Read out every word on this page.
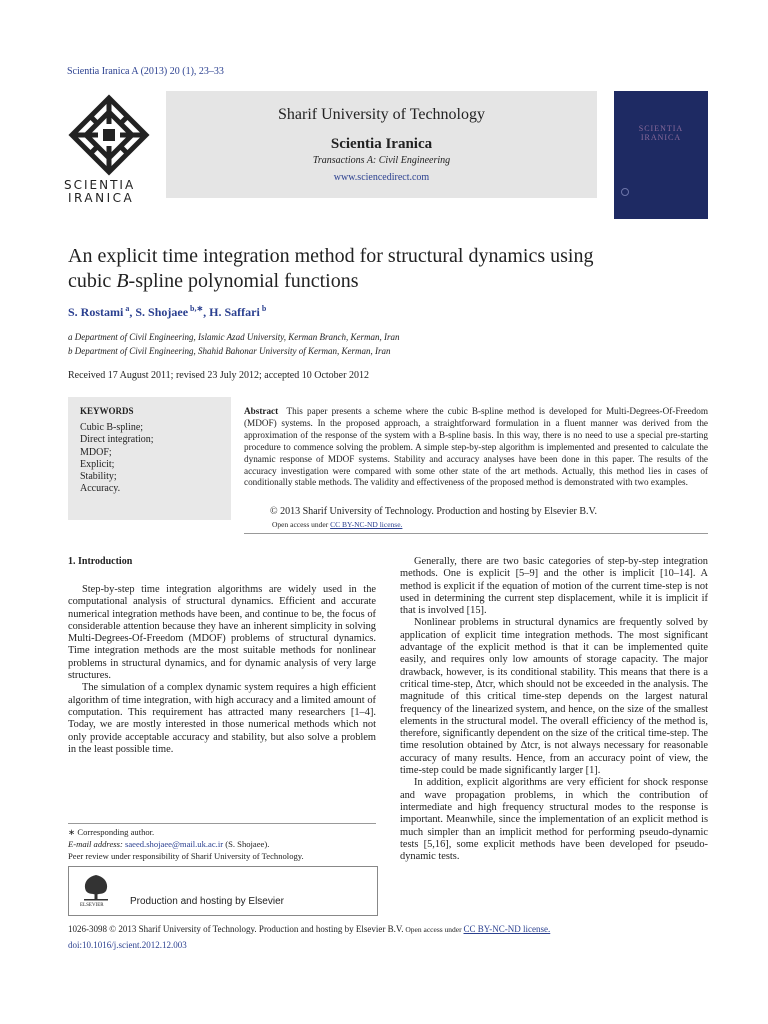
Scientia Iranica A (2013) 20 (1), 23–33
SCIENTIA
IRANICA
Sharif University of Technology
Scientia Iranica
Transactions A: Civil Engineering
www.sciencedirect.com
SCIENTIA
IRANICA
An explicit time integration method for structural dynamics using
cubic B-spline polynomial functions
S. Rostami $^a$, S. Shojaee $^{b,∗}$, H. Saffari $^b$
a Department of Civil Engineering, Islamic Azad University, Kerman Branch, Kerman, Iran
b Department of Civil Engineering, Shahid Bahonar University of Kerman, Kerman, Iran
Received 17 August 2011; revised 23 July 2012; accepted 10 October 2012
KEYWORDS
Cubic B-spline;
Direct integration;
MDOF;
Explicit;
Stability;
Accuracy.
Abstract This paper presents a scheme where the cubic B-spline method is developed for Multi-Degrees-Of-Freedom (MDOF) systems. In the proposed approach, a straightforward formulation in a fluent manner was derived from the approximation of the response of the system with a B-spline basis. In this way, there is no need to use a special pre-starting procedure to commence solving the problem. A simple step-by-step algorithm is implemented and presented to calculate the dynamic response of MDOF systems. Stability and accuracy analyses have been done in this paper. The results of the accuracy investigation were compared with some other state of the art methods. Actually, this method lies in cases of conditionally stable methods. The validity and effectiveness of the proposed method is demonstrated with two examples.
© 2013 Sharif University of Technology. Production and hosting by Elsevier B.V.
Open access under CC BY-NC-ND license.
1. Introduction

Step-by-step time integration algorithms are widely used in the computational analysis of structural dynamics. Efficient and accurate numerical integration methods have been, and continue to be, the focus of considerable attention because they have an inherent simplicity in solving Multi-Degrees-Of-Freedom (MDOF) problems of structural dynamics. Time integration methods are the most suitable methods for nonlinear problems in structural dynamics, and for dynamic analysis of very large structures.

The simulation of a complex dynamic system requires a high efficient algorithm of time integration, with high accuracy and a limited amount of computation. This requirement has attracted many researchers [1–4]. Today, we are mostly interested in those numerical methods which not only provide acceptable accuracy and stability, but also solve a problem in the least possible time.

Generally, there are two basic categories of step-by-step integration methods. One is explicit [5–9] and the other is implicit [10–14]. A method is explicit if the equation of motion of the current time-step is not used in determining the current step displacement, while it is implicit if that is involved [15].

Nonlinear problems in structural dynamics are frequently solved by application of explicit time integration methods. The most significant advantage of the explicit method is that it can be implemented quite easily, and requires only low amounts of storage capacity. The major drawback, however, is its conditional stability. This means that there is a critical time-step, Δtcr, which should not be exceeded in the analysis. The magnitude of this critical time-step depends on the largest natural frequency of the linearized system, and hence, on the size of the smallest elements in the structural model. The overall efficiency of the method is, therefore, significantly dependent on the size of the critical time-step. The time resolution obtained by Δtcr, is not always necessary for reasonable accuracy of many results. Hence, from an accuracy point of view, the time-step could be made significantly larger [1].

In addition, explicit algorithms are very efficient for shock response and wave propagation problems, in which the contribution of intermediate and high frequency structural modes to the response is important. Meanwhile, since the implementation of an explicit method is much simpler than an implicit method for performing pseudo-dynamic tests [5,16], some explicit methods have been developed for pseudo-dynamic tests.

∗ Corresponding author.
E-mail address: saeed.shojaee@mail.uk.ac.ir (S. Shojaee).
Peer review under responsibility of Sharif University of Technology.
ELSEVIER	Production and hosting by Elsevier
1026-3098 © 2013 Sharif University of Technology. Production and hosting by Elsevier B.V. Open access under CC BY-NC-ND license.
doi:10.1016/j.scient.2012.12.003
